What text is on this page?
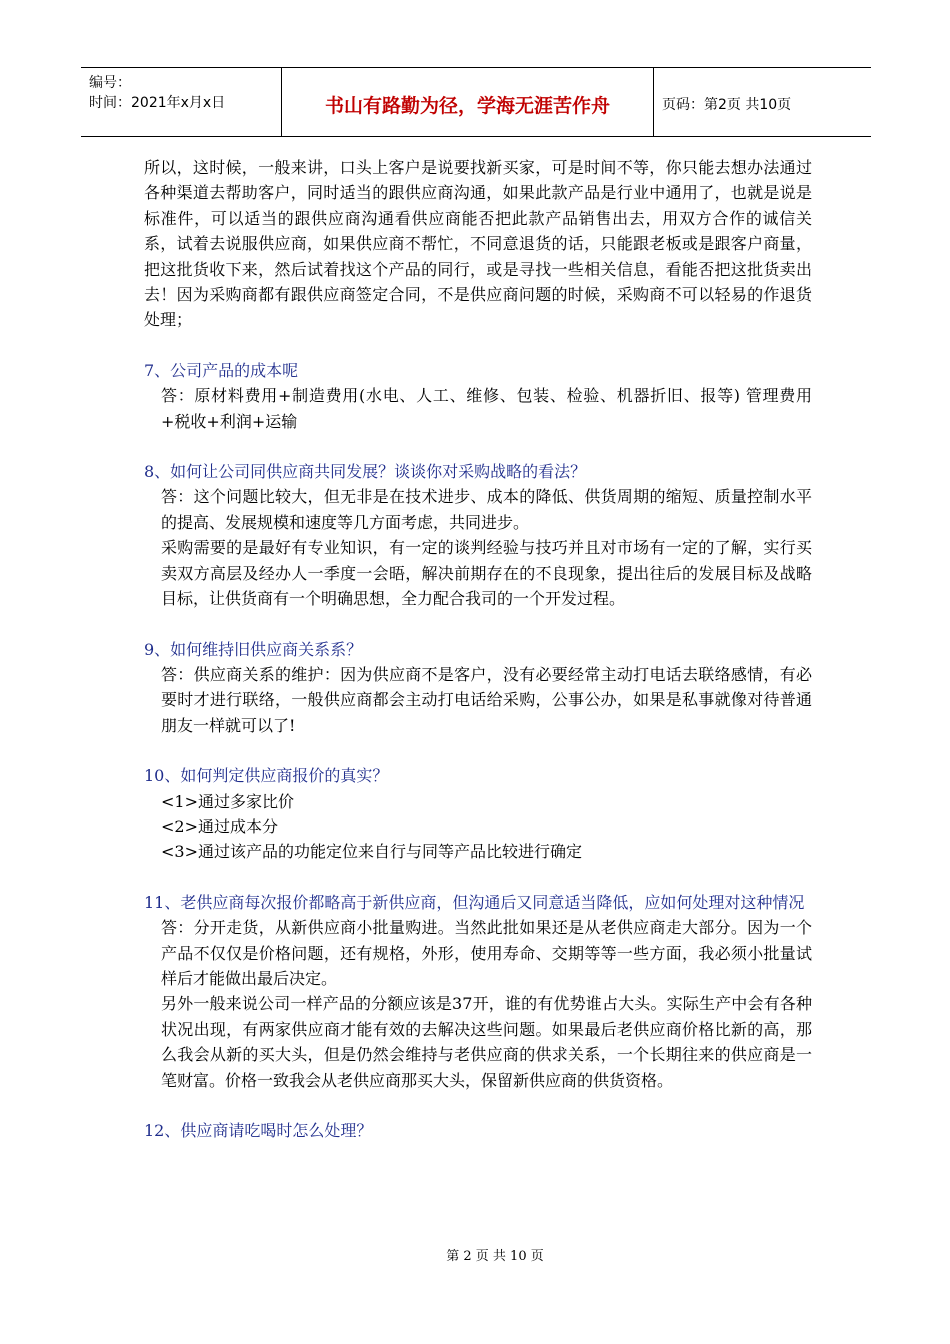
编号：
时间：2021年x月x日	书山有路勤为径，学海无涯苦作舟	页码：第2页 共10页

所以，这时候，一般来讲，口头上客户是说要找新买家，可是时间不等，你只能去想办法通过各种渠道去帮助客户，同时适当的跟供应商沟通，如果此款产品是行业中通用了，也就是说是标准件，可以适当的跟供应商沟通看供应商能否把此款产品销售出去，用双方合作的诚信关系，试着去说服供应商，如果供应商不帮忙，不同意退货的话，只能跟老板或是跟客户商量，把这批货收下来，然后试着找这个产品的同行，或是寻找一些相关信息，看能否把这批货卖出去！因为采购商都有跟供应商签定合同，不是供应商问题的时候，采购商不可以轻易的作退货处理；

7、公司产品的成本呢

答：原材料费用+制造费用(水电、人工、维修、包装、检验、机器折旧、报等) 管理费用+税收+利润+运输

8、如何让公司同供应商共同发展？谈谈你对采购战略的看法？

答：这个问题比较大，但无非是在技术进步、成本的降低、供货周期的缩短、质量控制水平的提高、发展规模和速度等几方面考虑，共同进步。

采购需要的是最好有专业知识，有一定的谈判经验与技巧并且对市场有一定的了解，实行买卖双方高层及经办人一季度一会晤，解决前期存在的不良现象，提出往后的发展目标及战略目标，让供货商有一个明确思想，全力配合我司的一个开发过程。

9、如何维持旧供应商关系系？

答：供应商关系的维护：因为供应商不是客户，没有必要经常主动打电话去联络感情，有必要时才进行联络，一般供应商都会主动打电话给采购，公事公办，如果是私事就像对待普通朋友一样就可以了!

10、如何判定供应商报价的真实？

<1>通过多家比价

<2>通过成本分

<3>通过该产品的功能定位来自行与同等产品比较进行确定

11、老供应商每次报价都略高于新供应商，但沟通后又同意适当降低，应如何处理对这种情况

答：分开走货，从新供应商小批量购进。当然此批如果还是从老供应商走大部分。因为一个产品不仅仅是价格问题，还有规格，外形，使用寿命、交期等等一些方面，我必须小批量试样后才能做出最后决定。

另外一般来说公司一样产品的分额应该是37开，谁的有优势谁占大头。实际生产中会有各种状况出现，有两家供应商才能有效的去解决这些问题。如果最后老供应商价格比新的高，那么我会从新的买大头，但是仍然会维持与老供应商的供求关系，一个长期往来的供应商是一笔财富。价格一致我会从老供应商那买大头，保留新供应商的供货资格。

12、供应商请吃喝时怎么处理？

第 2 页 共 10 页
